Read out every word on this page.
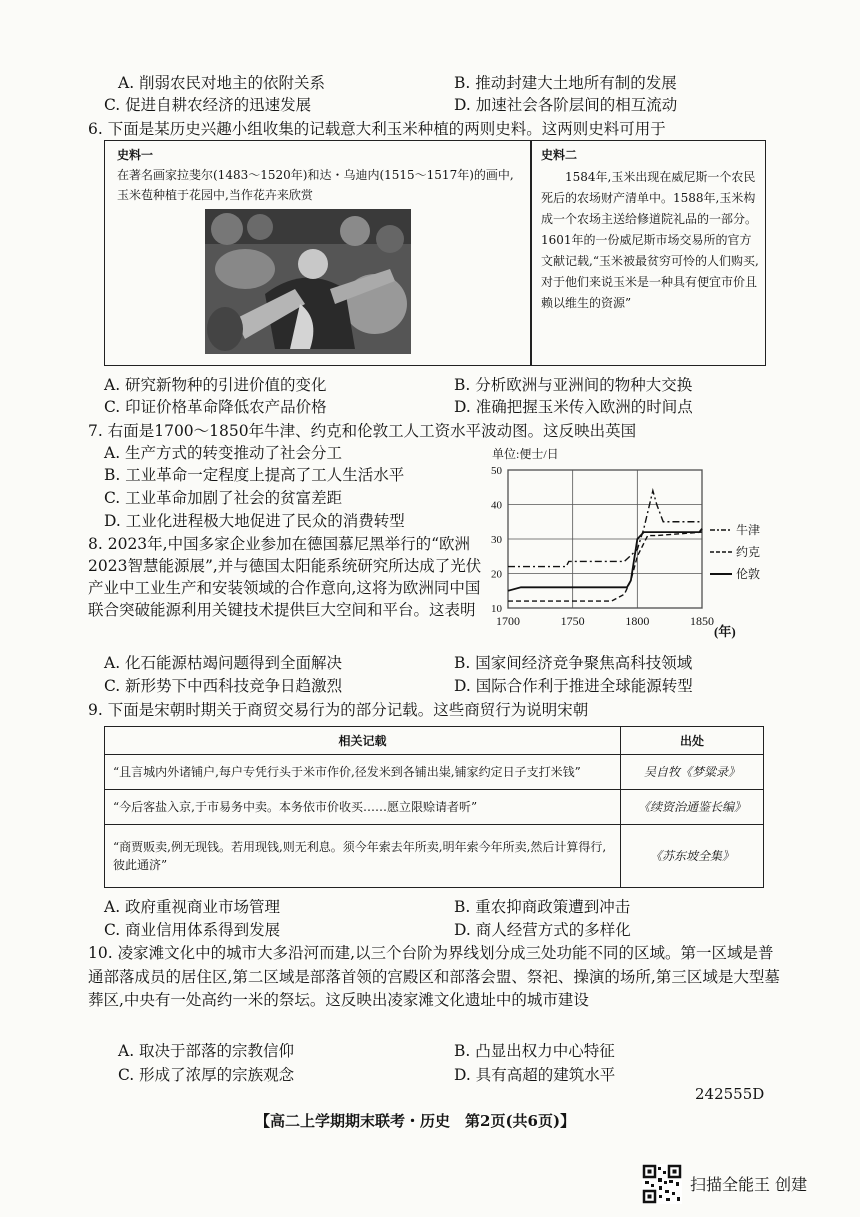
A. 削弱农民对地主的依附关系	B. 推动封建大土地所有制的发展
C. 促进自耕农经济的迅速发展	D. 加速社会各阶层间的相互流动
6. 下面是某历史兴趣小组收集的记载意大利玉米种植的两则史料。这两则史料可用于
史料一
在著名画家拉斐尔(1483～1520年)和达・乌迪内(1515～1517年)的画中,玉米苞种植于花园中,当作花卉来欣赏
史料二
1584年,玉米出现在威尼斯一个农民死后的农场财产清单中。1588年,玉米构成一个农场主送给修道院礼品的一部分。1601年的一份威尼斯市场交易所的官方文献记载,“玉米被最贫穷可怜的人们购买,对于他们来说玉米是一种具有便宜市价且赖以维生的资源”
A. 研究新物种的引进价值的变化	B. 分析欧洲与亚洲间的物种大交换
C. 印证价格革命降低农产品价格	D. 准确把握玉米传入欧洲的时间点
7. 右面是1700～1850年牛津、约克和伦敦工人工资水平波动图。这反映出英国
A. 生产方式的转变推动了社会分工
B. 工业革命一定程度上提高了工人生活水平
C. 工业革命加剧了社会的贫富差距
D. 工业化进程极大地促进了民众的消费转型
单位:便士/日
10
20
30
40
50
1700	1750	1800	1850
牛津
约克
伦敦
(年)
8. 2023年,中国多家企业参加在德国慕尼黑举行的“欧洲2023智慧能源展”,并与德国太阳能系统研究所达成了光伏产业中工业生产和安装领域的合作意向,这将为欧洲同中国联合突破能源利用关键技术提供巨大空间和平台。这表明
A. 化石能源枯竭问题得到全面解决	B. 国家间经济竞争聚焦高科技领域
C. 新形势下中西科技竞争日趋激烈	D. 国际合作利于推进全球能源转型
9. 下面是宋朝时期关于商贸交易行为的部分记载。这些商贸行为说明宋朝
相关记载	出处
“且言城内外诸铺户,每户专凭行头于米市作价,径发米到各铺出粜,铺家约定日子支打米钱”	吴自牧《梦粱录》
“今后客盐入京,于市易务中卖。本务依市价收买……愿立限赊请者听”	《续资治通鉴长编》
“商贾贩卖,例无现钱。若用现钱,则无利息。须今年索去年所卖,明年索今年所卖,然后计算得行,彼此通济”	《苏东坡全集》
A. 政府重视商业市场管理	B. 重农抑商政策遭到冲击
C. 商业信用体系得到发展	D. 商人经营方式的多样化
10. 凌家滩文化中的城市大多沿河而建,以三个台阶为界线划分成三处功能不同的区域。第一区域是普通部落成员的居住区,第二区域是部落首领的宫殿区和部落会盟、祭祀、操演的场所,第三区域是大型墓葬区,中央有一处高约一米的祭坛。这反映出凌家滩文化遗址中的城市建设
A. 取决于部落的宗教信仰	B. 凸显出权力中心特征
C. 形成了浓厚的宗族观念	D. 具有高超的建筑水平
242555D
【高二上学期期末联考・历史　第2页(共6页)】
扫描全能王 创建
